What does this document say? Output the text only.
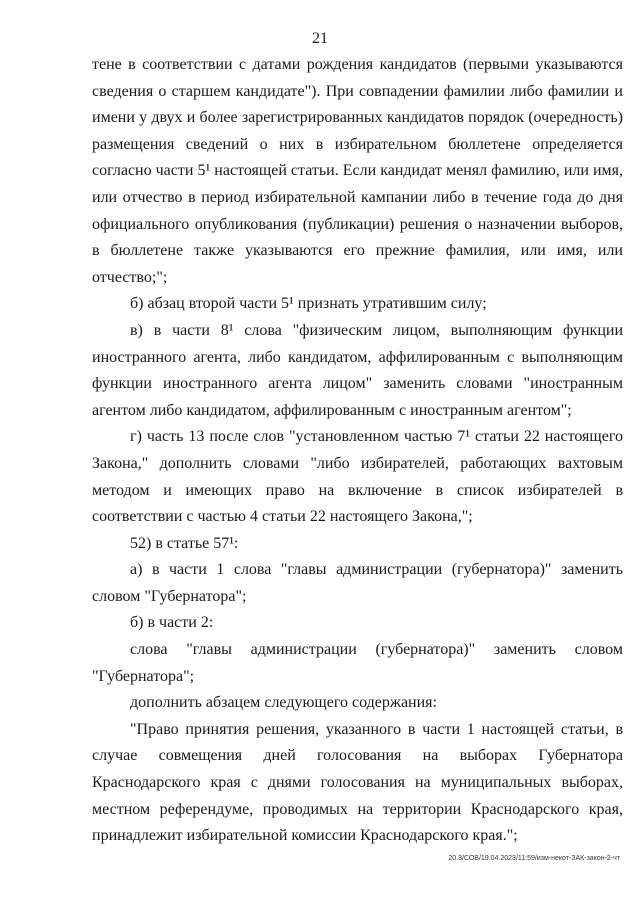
21

тене в соответствии с датами рождения кандидатов (первыми указываются сведения о старшем кандидате"). При совпадении фамилии либо фамилии и имени у двух и более зарегистрированных кандидатов порядок (очередность) размещения сведений о них в избирательном бюллетене определяется согласно части 5¹ настоящей статьи. Если кандидат менял фамилию, или имя, или отчество в период избирательной кампании либо в течение года до дня официального опубликования (публикации) решения о назначении выборов, в бюллетене также указываются его прежние фамилия, или имя, или отчество;";

б) абзац второй части 5¹ признать утратившим силу;

в) в части 8¹ слова "физическим лицом, выполняющим функции иностранного агента, либо кандидатом, аффилированным с выполняющим функции иностранного агента лицом" заменить словами "иностранным агентом либо кандидатом, аффилированным с иностранным агентом";

г) часть 13 после слов "установленном частью 7¹ статьи 22 настоящего Закона," дополнить словами "либо избирателей, работающих вахтовым методом и имеющих право на включение в список избирателей в соответствии с частью 4 статьи 22 настоящего Закона,";

52) в статье 57¹:

а) в части 1 слова "главы администрации (губернатора)" заменить словом "Губернатора";

б) в части 2:

слова "главы администрации (губернатора)" заменить словом "Губернатора";

дополнить абзацем следующего содержания:

"Право принятия решения, указанного в части 1 настоящей статьи, в случае совмещения дней голосования на выборах Губернатора Краснодарского края с днями голосования на муниципальных выборах, местном референдуме, проводимых на территории Краснодарского края, принадлежит избирательной комиссии Краснодарского края.";

20.3/СОВ/19.04.2023/11:59/изм-некот-ЗАК-закон-2-чт
